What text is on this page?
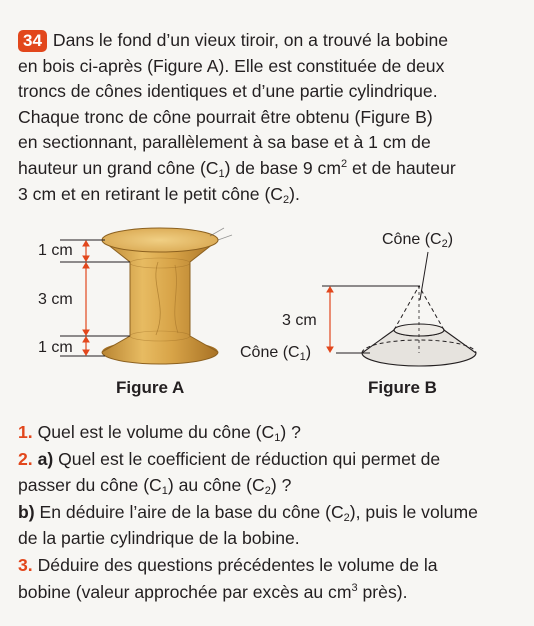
34 Dans le fond d’un vieux tiroir, on a trouvé la bobine
en bois ci-après (Figure A). Elle est constituée de deux
troncs de cônes identiques et d’une partie cylindrique.
Chaque tronc de cône pourrait être obtenu (Figure B)
en sectionnant, parallèlement à sa base et à 1 cm de
hauteur un grand cône $(C_1)$ de base 9 $cm^2$ et de hauteur
3 cm et en retirant le petit cône $(C_2)$.
1 cm
3 cm
1 cm
Figure A
Cône $(C_2)$
3 cm
Cône $(C_1)$
Figure B
1. Quel est le volume du cône $(C_1)$ ?
2. a) Quel est le coefficient de réduction qui permet de
passer du cône $(C_1)$ au cône $(C_2)$ ?
b) En déduire l’aire de la base du cône $(C_2)$, puis le volume
de la partie cylindrique de la bobine.
3. Déduire des questions précédentes le volume de la
bobine (valeur approchée par excès au $cm^3$ près).
